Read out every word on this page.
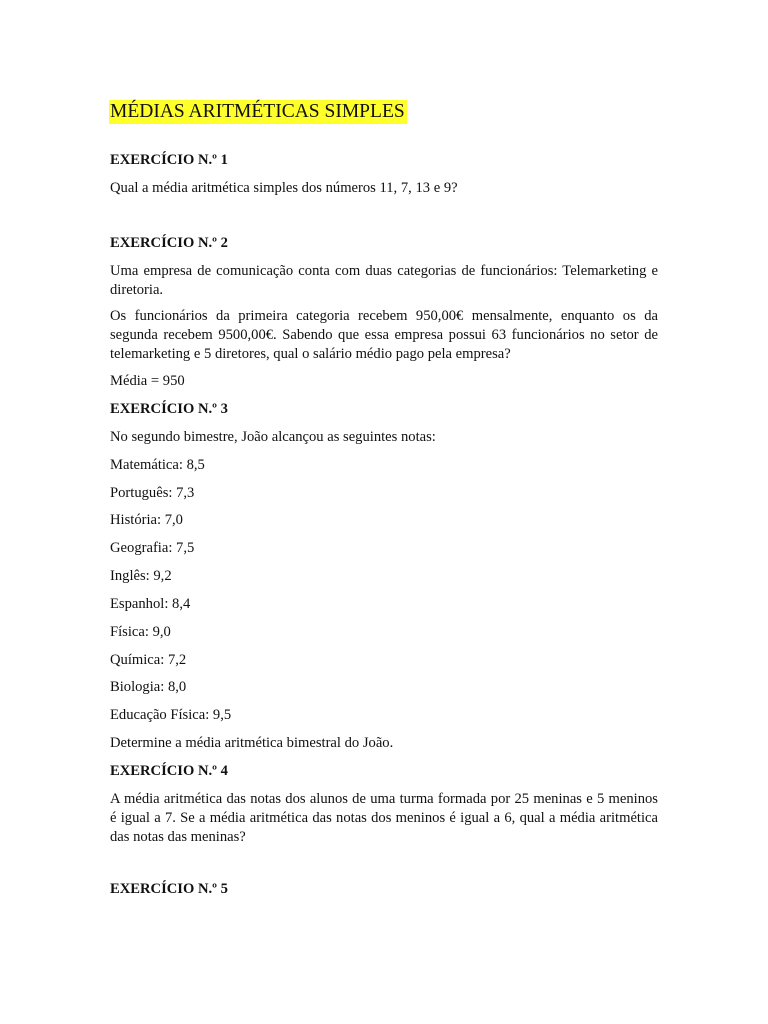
MÉDIAS ARITMÉTICAS SIMPLES
EXERCÍCIO N.º 1
Qual a média aritmética simples dos números 11, 7, 13 e 9?
EXERCÍCIO N.º 2

Uma empresa de comunicação conta com duas categorias de funcionários: Telemarketing e diretoria.

Os funcionários da primeira categoria recebem 950,00€ mensalmente, enquanto os da segunda recebem 9500,00€. Sabendo que essa empresa possui 63 funcionários no setor de telemarketing e 5 diretores, qual o salário médio pago pela empresa?

Média = 950
EXERCÍCIO N.º 3
No segundo bimestre, João alcançou as seguintes notas:
Matemática: 8,5
Português: 7,3
História: 7,0
Geografia: 7,5
Inglês: 9,2
Espanhol: 8,4
Física: 9,0
Química: 7,2
Biologia: 8,0
Educação Física: 9,5
Determine a média aritmética bimestral do João.
EXERCÍCIO N.º 4

A média aritmética das notas dos alunos de uma turma formada por 25 meninas e 5 meninos é igual a 7. Se a média aritmética das notas dos meninos é igual a 6, qual a média aritmética das notas das meninas?

EXERCÍCIO N.º 5
